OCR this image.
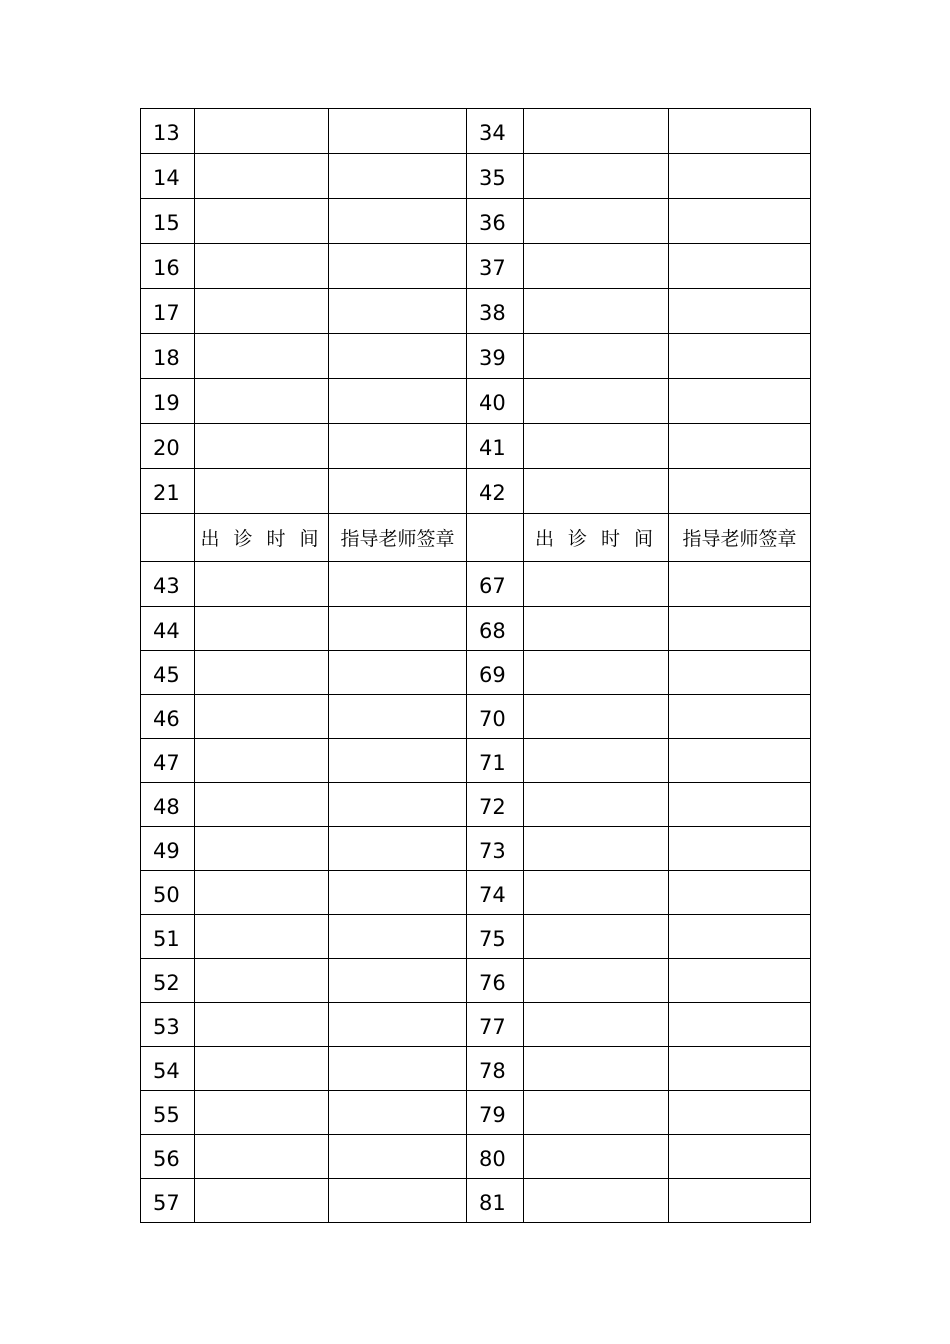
13			34		
14			35		
15			36		
16			37		
17			38		
18			39		
19			40		
20			41		
21			42		
	出 诊 时 间	指导老师签章		出 诊 时 间	指导老师签章
43			67		
44			68		
45			69		
46			70		
47			71		
48			72		
49			73		
50			74		
51			75		
52			76		
53			77		
54			78		
55			79		
56			80		
57			81		
